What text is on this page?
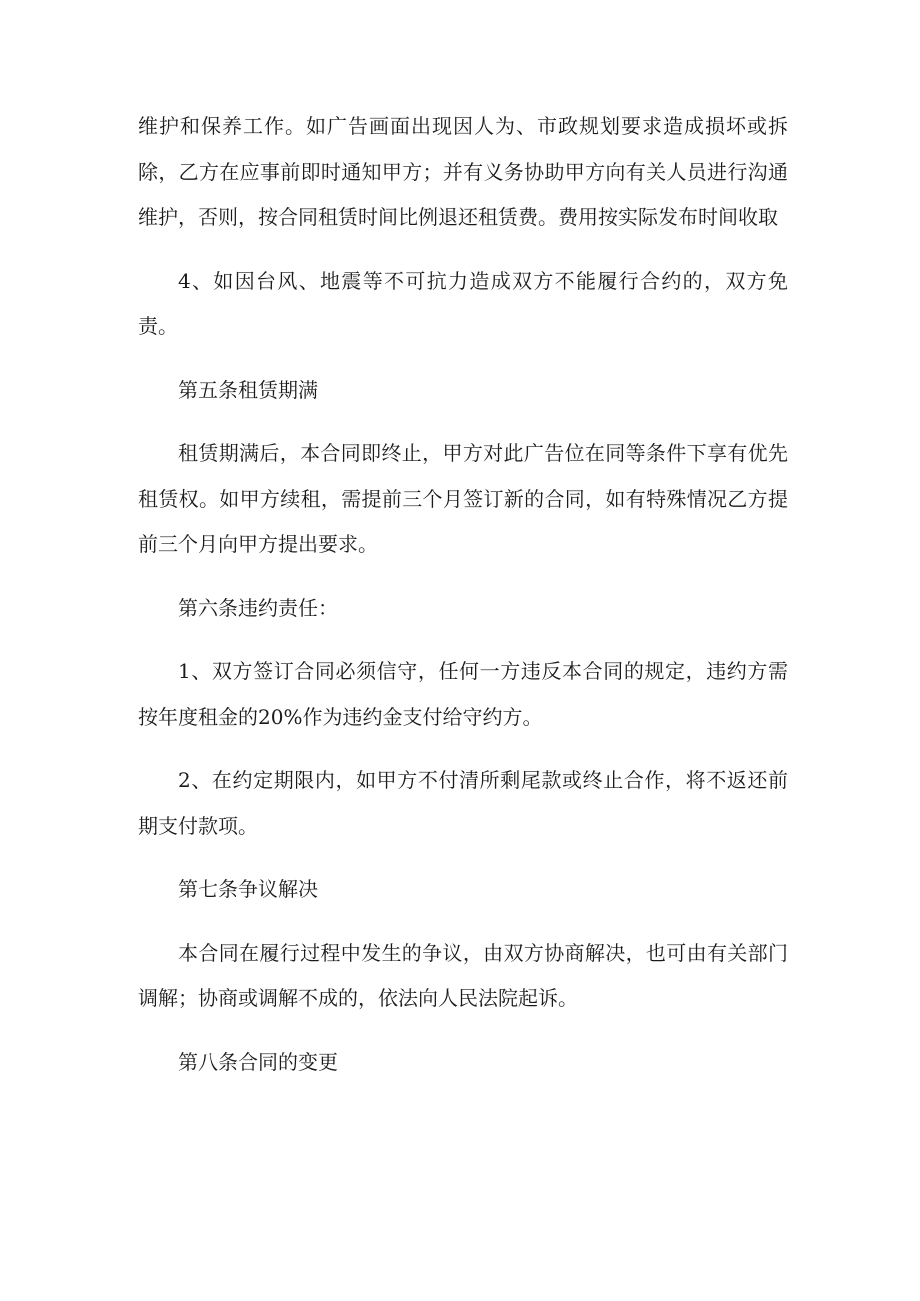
维护和保养工作。如广告画面出现因人为、市政规划要求造成损坏或拆除，乙方在应事前即时通知甲方；并有义务协助甲方向有关人员进行沟通维护，否则，按合同租赁时间比例退还租赁费。费用按实际发布时间收取

4、如因台风、地震等不可抗力造成双方不能履行合约的，双方免责。

第五条租赁期满

租赁期满后，本合同即终止，甲方对此广告位在同等条件下享有优先租赁权。如甲方续租，需提前三个月签订新的合同，如有特殊情况乙方提前三个月向甲方提出要求。

第六条违约责任：

1、双方签订合同必须信守，任何一方违反本合同的规定，违约方需按年度租金的20%作为违约金支付给守约方。

2、在约定期限内，如甲方不付清所剩尾款或终止合作，将不返还前期支付款项。

第七条争议解决

本合同在履行过程中发生的争议，由双方协商解决，也可由有关部门调解；协商或调解不成的，依法向人民法院起诉。

第八条合同的变更
